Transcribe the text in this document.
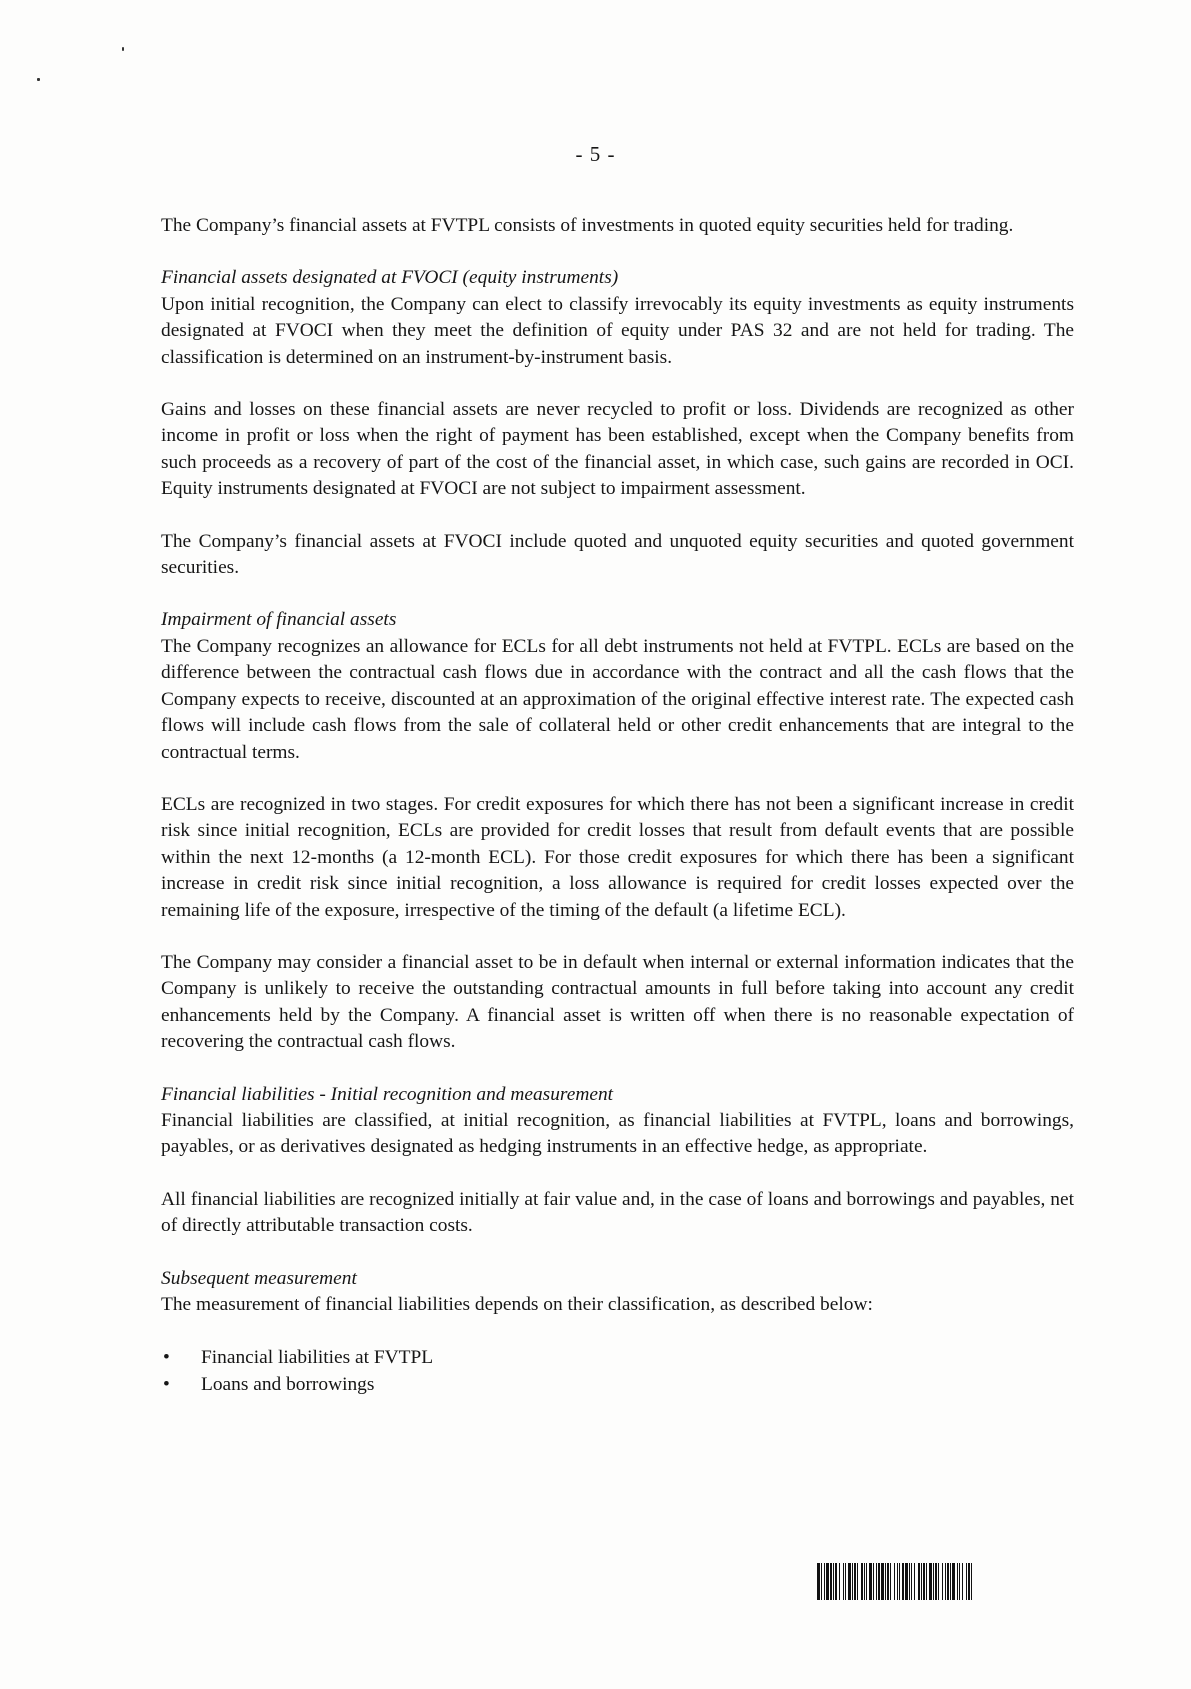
- 5 -

The Company’s financial assets at FVTPL consists of investments in quoted equity securities held for trading.

Financial assets designated at FVOCI (equity instruments)

Upon initial recognition, the Company can elect to classify irrevocably its equity investments as equity instruments designated at FVOCI when they meet the definition of equity under PAS 32 and are not held for trading. The classification is determined on an instrument-by-instrument basis.

Gains and losses on these financial assets are never recycled to profit or loss. Dividends are recognized as other income in profit or loss when the right of payment has been established, except when the Company benefits from such proceeds as a recovery of part of the cost of the financial asset, in which case, such gains are recorded in OCI. Equity instruments designated at FVOCI are not subject to impairment assessment.

The Company’s financial assets at FVOCI include quoted and unquoted equity securities and quoted government securities.

Impairment of financial assets

The Company recognizes an allowance for ECLs for all debt instruments not held at FVTPL. ECLs are based on the difference between the contractual cash flows due in accordance with the contract and all the cash flows that the Company expects to receive, discounted at an approximation of the original effective interest rate. The expected cash flows will include cash flows from the sale of collateral held or other credit enhancements that are integral to the contractual terms.

ECLs are recognized in two stages. For credit exposures for which there has not been a significant increase in credit risk since initial recognition, ECLs are provided for credit losses that result from default events that are possible within the next 12-months (a 12-month ECL). For those credit exposures for which there has been a significant increase in credit risk since initial recognition, a loss allowance is required for credit losses expected over the remaining life of the exposure, irrespective of the timing of the default (a lifetime ECL).

The Company may consider a financial asset to be in default when internal or external information indicates that the Company is unlikely to receive the outstanding contractual amounts in full before taking into account any credit enhancements held by the Company. A financial asset is written off when there is no reasonable expectation of recovering the contractual cash flows.

Financial liabilities - Initial recognition and measurement

Financial liabilities are classified, at initial recognition, as financial liabilities at FVTPL, loans and borrowings, payables, or as derivatives designated as hedging instruments in an effective hedge, as appropriate.

All financial liabilities are recognized initially at fair value and, in the case of loans and borrowings and payables, net of directly attributable transaction costs.

Subsequent measurement

The measurement of financial liabilities depends on their classification, as described below:

• Financial liabilities at FVTPL
• Loans and borrowings
